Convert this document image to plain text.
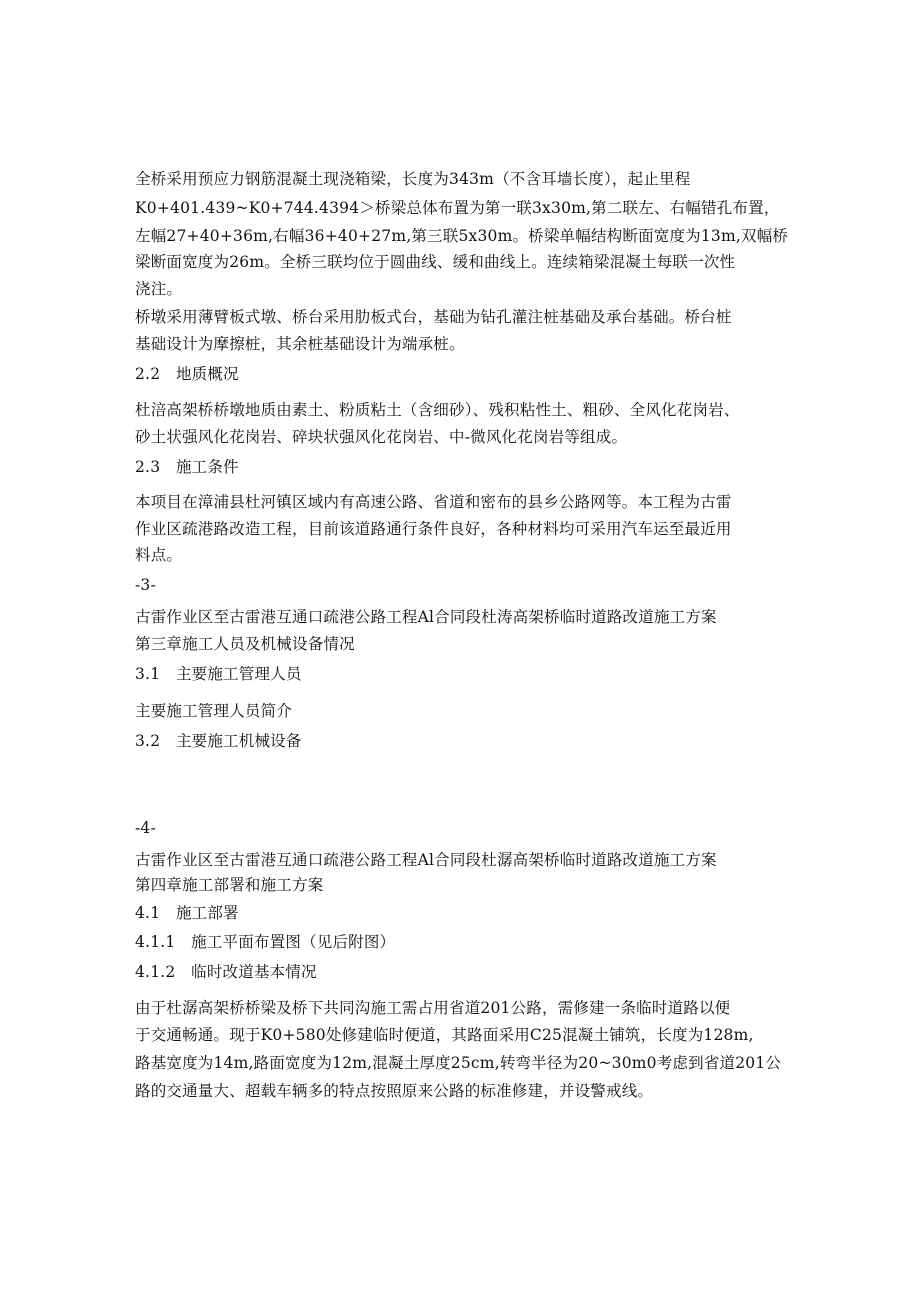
全桥采用预应力钢筋混凝土现浇箱梁，长度为343m（不含耳墙长度），起止里程
K0+401.439~K0+744.4394＞桥梁总体布置为第一联3x30m,第二联左、右幅错孔布置，
左幅27+40+36m,右幅36+40+27m,第三联5x30m。桥梁单幅结构断面宽度为13m,双幅桥
梁断面宽度为26m。全桥三联均位于圆曲线、缓和曲线上。连续箱梁混凝土每联一次性
浇注。
桥墩采用薄臂板式墩、桥台采用肋板式台，基础为钻孔灌注桩基础及承台基础。桥台桩
基础设计为摩擦桩，其余桩基础设计为端承桩。
2.2　地质概况
杜涪高架桥桥墩地质由素土、粉质粘土（含细砂）、残积粘性土、粗砂、全风化花岗岩、
砂土状强风化花岗岩、碎块状强风化花岗岩、中-微风化花岗岩等组成。
2.3　施工条件
本项目在漳浦县杜河镇区域内有高速公路、省道和密布的县乡公路网等。本工程为古雷
作业区疏港路改造工程，目前该道路通行条件良好，各种材料均可采用汽车运至最近用
料点。
-3-
古雷作业区至古雷港互通口疏港公路工程Al合同段杜涛高架桥临时道路改道施工方案
第三章施工人员及机械设备情况
3.1　主要施工管理人员
主要施工管理人员简介
3.2　主要施工机械设备
-4-
古雷作业区至古雷港互通口疏港公路工程Al合同段杜潺高架桥临时道路改道施工方案
第四章施工部署和施工方案
4.1　施工部署
4.1.1　施工平面布置图（见后附图）
4.1.2　临时改道基本情况
由于杜潺高架桥桥梁及桥下共同沟施工需占用省道201公路，需修建一条临时道路以便
于交通畅通。现于K0+580处修建临时便道，其路面采用C25混凝土铺筑，长度为128m,
路基宽度为14m,路面宽度为12m,混凝土厚度25cm,转弯半径为20~30m0考虑到省道201公
路的交通量大、超载车辆多的特点按照原来公路的标准修建，并设警戒线。
